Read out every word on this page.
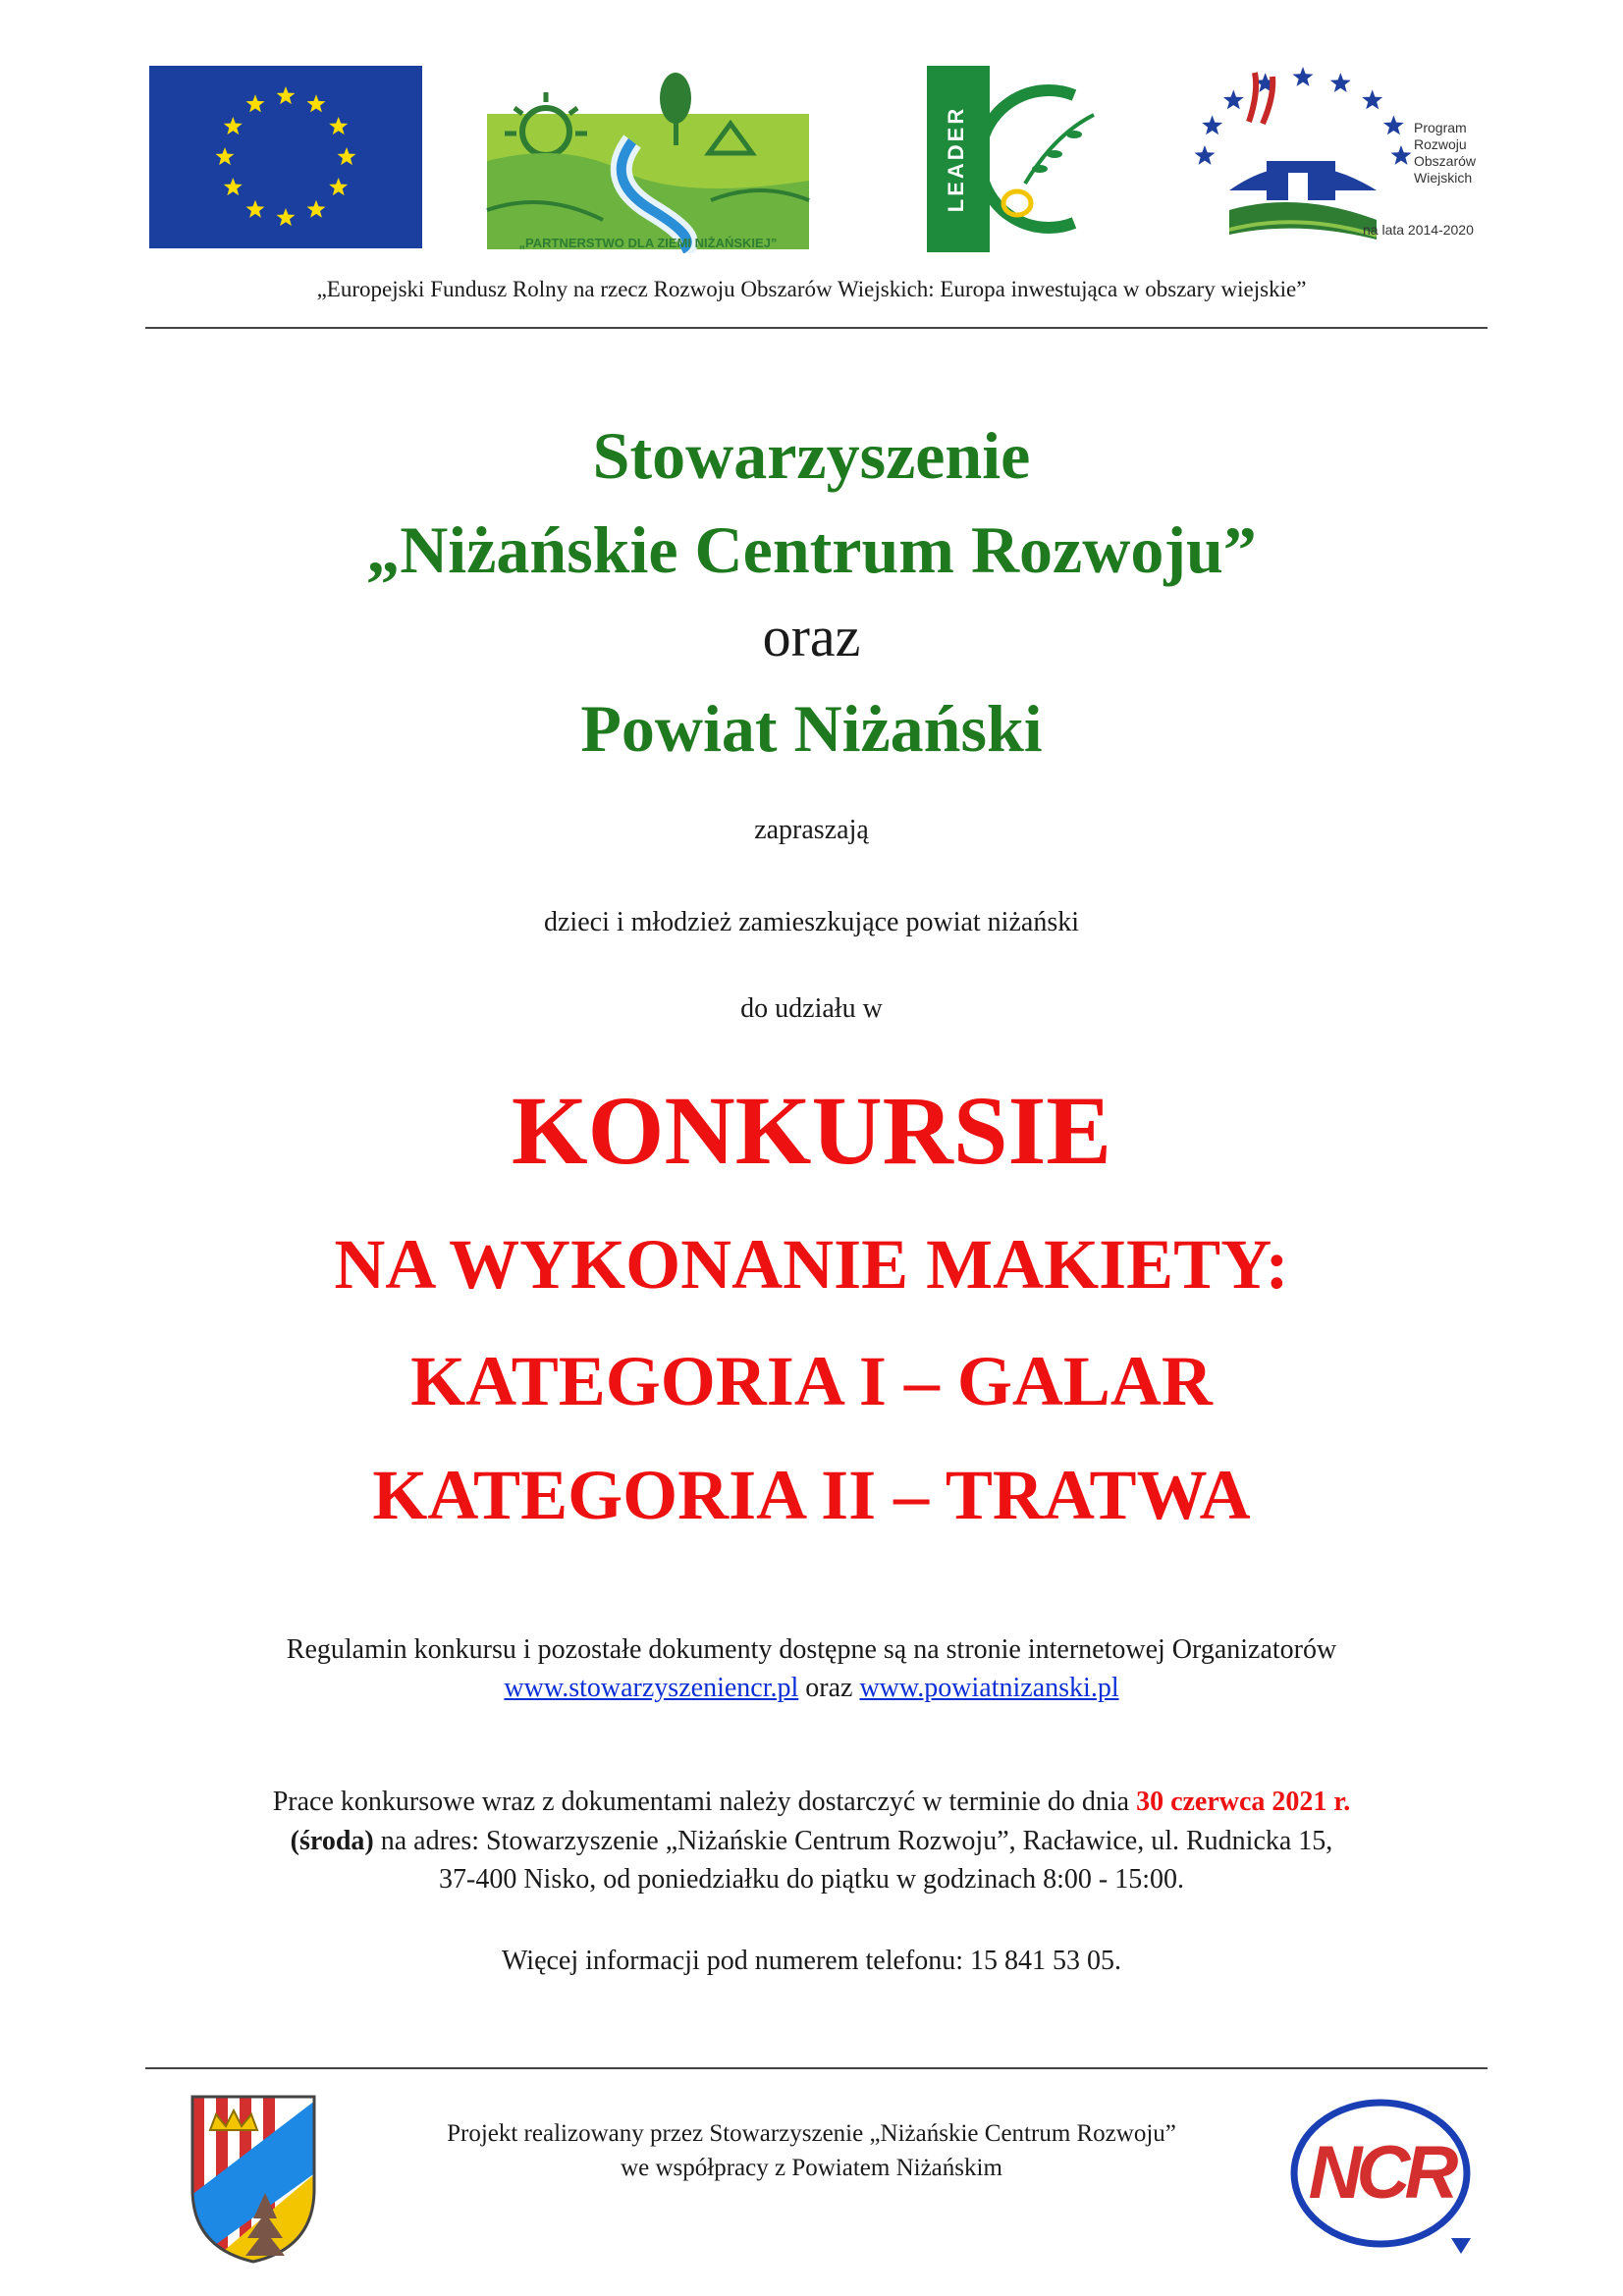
„PARTNERSTWO DLA ZIEMI NIŻAŃSKIEJ”
LEADER	Program
Rozwoju
Obszarów
Wiejskich
na lata 2014-2020
„Europejski Fundusz Rolny na rzecz Rozwoju Obszarów Wiejskich: Europa inwestująca w obszary wiejskie”
Stowarzyszenie
„Niżańskie Centrum Rozwoju”
oraz
Powiat Niżański
zapraszają
dzieci i młodzież zamieszkujące powiat niżański
do udziału w
KONKURSIE
NA WYKONANIE MAKIETY:
KATEGORIA I – GALAR
KATEGORIA II – TRATWA
Regulamin konkursu i pozostałe dokumenty dostępne są na stronie internetowej Organizatorów
www.stowarzyszeniencr.pl oraz www.powiatnizanski.pl
Prace konkursowe wraz z dokumentami należy dostarczyć w terminie do dnia 30 czerwca 2021 r.
(środa) na adres: Stowarzyszenie „Niżańskie Centrum Rozwoju”, Racławice, ul. Rudnicka 15,
37-400 Nisko, od poniedziałku do piątku w godzinach 8:00 - 15:00.
Więcej informacji pod numerem telefonu: 15 841 53 05.
Projekt realizowany przez Stowarzyszenie „Niżańskie Centrum Rozwoju”
we współpracy z Powiatem Niżańskim	NCR
